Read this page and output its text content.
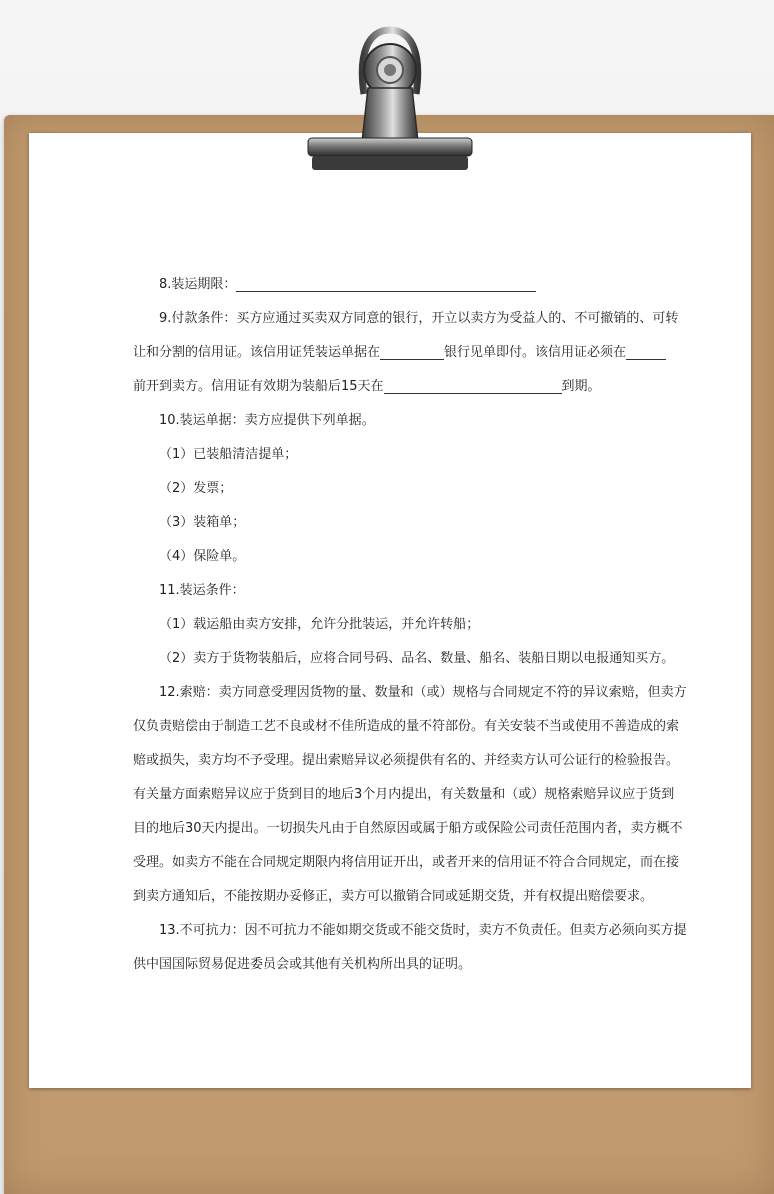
8.装运期限：
9.付款条件：买方应通过买卖双方同意的银行，开立以卖方为受益人的、不可撤销的、可转
让和分割的信用证。该信用证凭装运单据在	银行见单即付。该信用证必须在
前开到卖方。信用证有效期为装船后15天在	到期。
10.装运单据：卖方应提供下列单据。
（1）已装船清洁提单；
（2）发票；
（3）装箱单；
（4）保险单。
11.装运条件：
（1）载运船由卖方安排，允许分批装运，并允许转船；
（2）卖方于货物装船后，应将合同号码、品名、数量、船名、装船日期以电报通知买方。
12.索赔：卖方同意受理因货物的量、数量和（或）规格与合同规定不符的异议索赔，但卖方
仅负责赔偿由于制造工艺不良或材不佳所造成的量不符部份。有关安装不当或使用不善造成的索
赔或损失，卖方均不予受理。提出索赔异议必须提供有名的、并经卖方认可公证行的检验报告。
有关量方面索赔异议应于货到目的地后3个月内提出，有关数量和（或）规格索赔异议应于货到
目的地后30天内提出。一切损失凡由于自然原因或属于船方或保险公司责任范围内者，卖方概不
受理。如卖方不能在合同规定期限内将信用证开出，或者开来的信用证不符合合同规定，而在接
到卖方通知后，不能按期办妥修正，卖方可以撤销合同或延期交货，并有权提出赔偿要求。
13.不可抗力：因不可抗力不能如期交货或不能交货时，卖方不负责任。但卖方必须向买方提
供中国国际贸易促进委员会或其他有关机构所出具的证明。
